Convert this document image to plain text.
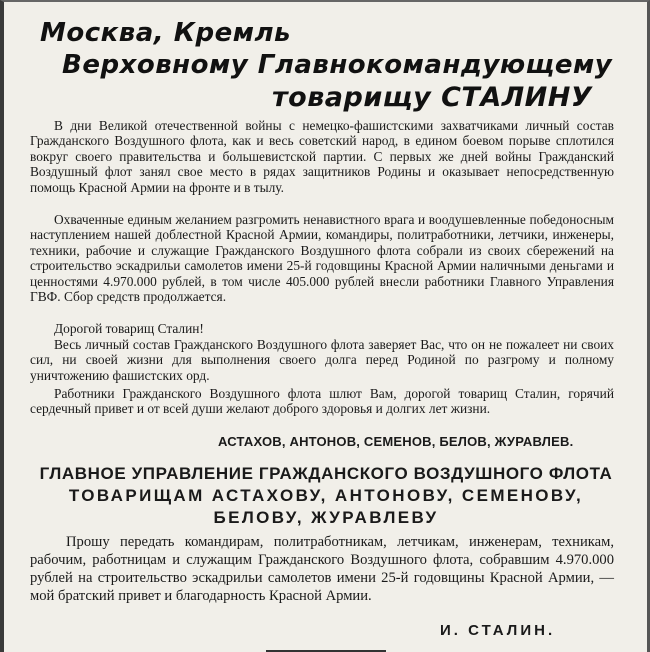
Москва, Кремль
Верховному Главнокомандующему
товарищу СТАЛИНУ

В дни Великой отечественной войны с немецко-фашистскими захватчиками личный состав Гражданского Воздушного флота, как и весь советский народ, в едином боевом порыве сплотился вокруг своего правительства и большевистской партии. С первых же дней войны Гражданский Воздушный флот занял свое место в рядах защитников Родины и оказывает непосредственную помощь Красной Армии на фронте и в тылу.

Охваченные единым желанием разгромить ненавистного врага и воодушевленные победоносным наступлением нашей доблестной Красной Армии, командиры, политработники, летчики, инженеры, техники, рабочие и служащие Гражданского Воздушного флота собрали из своих сбережений на строительство эскадрильи самолетов имени 25-й годовщины Красной Армии наличными деньгами и ценностями 4.970.000 рублей, в том числе 405.000 рублей внесли работники Главного Управления ГВФ. Сбор средств продолжается.

Дорогой товарищ Сталин!

Весь личный состав Гражданского Воздушного флота заверяет Вас, что он не пожалеет ни своих сил, ни своей жизни для выполнения своего долга перед Родиной по разгрому и полному уничтожению фашистских орд.

Работники Гражданского Воздушного флота шлют Вам, дорогой товарищ Сталин, горячий сердечный привет и от всей души желают доброго здоровья и долгих лет жизни.

АСТАХОВ, АНТОНОВ, СЕМЕНОВ, БЕЛОВ, ЖУРАВЛЕВ.

ГЛАВНОЕ УПРАВЛЕНИЕ ГРАЖДАНСКОГО ВОЗДУШНОГО ФЛОТА

ТОВАРИЩАМ АСТАХОВУ, АНТОНОВУ, СЕМЕНОВУ,

БЕЛОВУ, ЖУРАВЛЕВУ

Прошу передать командирам, политработникам, летчикам, инженерам, техникам, рабочим, работницам и служащим Гражданского Воздушного флота, собравшим 4.970.000 рублей на строительство эскадрильи самолетов имени 25-й годовщины Красной Армии, — мой братский привет и благодарность Красной Армии.

И. СТАЛИН.
